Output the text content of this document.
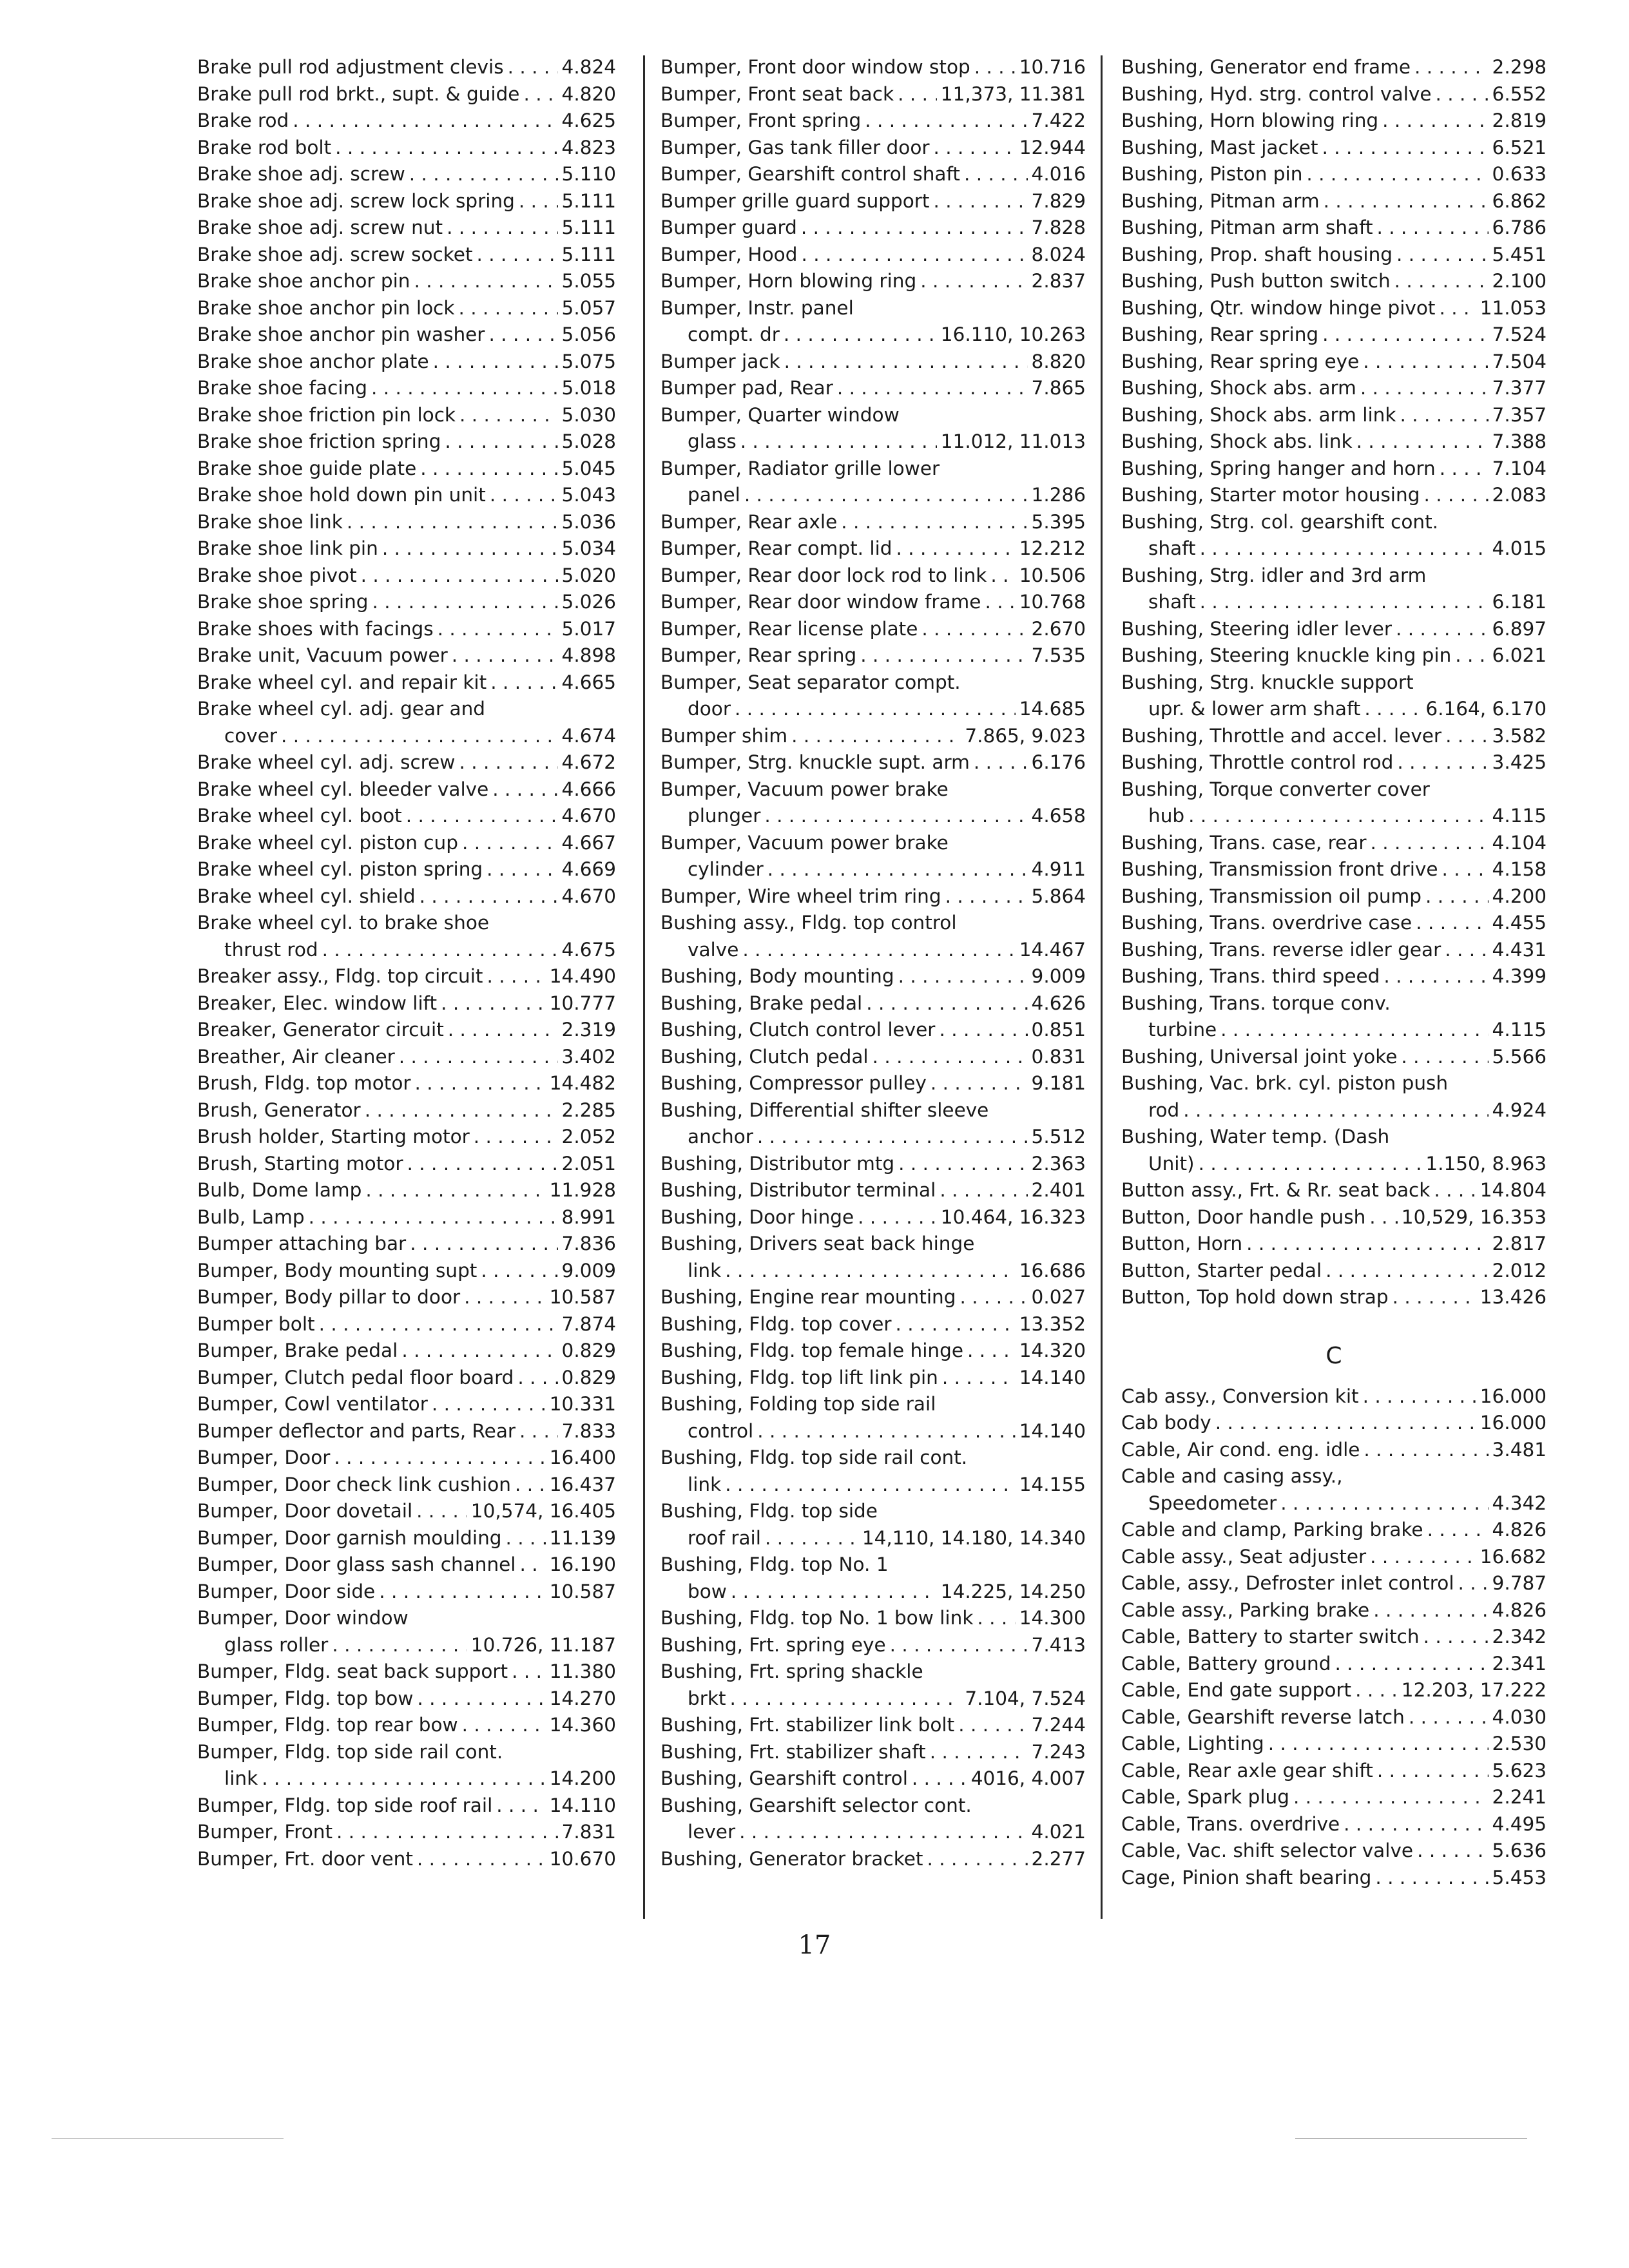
Brake pull rod adjustment clevis . . .	4.824
Brake pull rod brkt., supt. & guide . . . 4.820
Brake rod . . .	4.625
Brake rod bolt . . .	4.823
Brake shoe adj. screw . . .	5.110
Brake shoe adj. screw lock spring . . . 5.111
Brake shoe adj. screw nut . . .	5.111
Brake shoe adj. screw socket . . .	5.111
Brake shoe anchor pin . . .	5.055
Brake shoe anchor pin lock . . .	5.057
Brake shoe anchor pin washer . . .	5.056
Brake shoe anchor plate . . .	5.075
Brake shoe facing . . .	5.018
Brake shoe friction pin lock . . .	5.030
Brake shoe friction spring . . .	5.028
Brake shoe guide plate . . .	5.045
Brake shoe hold down pin unit . . .	5.043
Brake shoe link . . .	5.036
Brake shoe link pin . . .	5.034
Brake shoe pivot . . .	5.020
Brake shoe spring . . .	5.026
Brake shoes with facings . . .	5.017
Brake unit, Vacuum power . . .	4.898
Brake wheel cyl. and repair kit . . .	4.665
Brake wheel cyl. adj. gear and
cover . . .	4.674
Brake wheel cyl. adj. screw . . .	4.672
Brake wheel cyl. bleeder valve . . .	4.666
Brake wheel cyl. boot . . .	4.670
Brake wheel cyl. piston cup . . .	4.667
Brake wheel cyl. piston spring . . .	4.669
Brake wheel cyl. shield . . .	4.670
Brake wheel cyl. to brake shoe
thrust rod . . .	4.675
Breaker assy., Fldg. top circuit . . .	14.490
Breaker, Elec. window lift . . .	10.777
Breaker, Generator circuit . . .	2.319
Breather, Air cleaner . . .	3.402
Brush, Fldg. top motor . . .	14.482
Brush, Generator . . .	2.285
Brush holder, Starting motor . . .	2.052
Brush, Starting motor . . .	2.051
Bulb, Dome lamp . . .	11.928
Bulb, Lamp . . .	8.991
Bumper attaching bar . . .	7.836
Bumper, Body mounting supt . . .	9.009
Bumper, Body pillar to door . . .	10.587
Bumper bolt . . .	7.874
Bumper, Brake pedal . . .	0.829
Bumper, Clutch pedal floor board . . .	0.829
Bumper, Cowl ventilator . . .	10.331
Bumper deflector and parts, Rear . . . 7.833
Bumper, Door . . .	16.400
Bumper, Door check link cushion . . . 16.437
Bumper, Door dovetail . . .	10,574, 16.405
Bumper, Door garnish moulding . . .	11.139
Bumper, Door glass sash channel . . . 16.190
Bumper, Door side . . .	10.587
Bumper, Door window
glass roller . . .	10.726, 11.187
Bumper, Fldg. seat back support . . . 11.380
Bumper, Fldg. top bow . . .	14.270
Bumper, Fldg. top rear bow . . .	14.360
Bumper, Fldg. top side rail cont.
link . . .	14.200
Bumper, Fldg. top side roof rail . . .	14.110
Bumper, Front . . .	7.831
Bumper, Frt. door vent . . .	10.670
Bumper, Front door window stop . . .	10.716
Bumper, Front seat back . . . 11,373, 11.381
Bumper, Front spring . . .	7.422
Bumper, Gas tank filler door . . .	12.944
Bumper, Gearshift control shaft . . .	4.016
Bumper grille guard support . . .	7.829
Bumper guard . . .	7.828
Bumper, Hood . . .	8.024
Bumper, Horn blowing ring . . .	2.837
Bumper, Instr. panel
compt. dr . . .	16.110, 10.263
Bumper jack . . .	8.820
Bumper pad, Rear . . .	7.865
Bumper, Quarter window
glass . . .	11.012, 11.013
Bumper, Radiator grille lower
panel . . .	1.286
Bumper, Rear axle . . .	5.395
Bumper, Rear compt. lid . . .	12.212
Bumper, Rear door lock rod to link . . . 10.506
Bumper, Rear door window frame . . . 10.768
Bumper, Rear license plate . . .	2.670
Bumper, Rear spring . . .	7.535
Bumper, Seat separator compt.
door . . .	14.685
Bumper shim . . .	7.865, 9.023
Bumper, Strg. knuckle supt. arm . . .	6.176
Bumper, Vacuum power brake
plunger . . .	4.658
Bumper, Vacuum power brake
cylinder . . .	4.911
Bumper, Wire wheel trim ring . . .	5.864
Bushing assy., Fldg. top control
valve . . .	14.467
Bushing, Body mounting . . .	9.009
Bushing, Brake pedal . . .	4.626
Bushing, Clutch control lever . . .	0.851
Bushing, Clutch pedal . . .	0.831
Bushing, Compressor pulley . . .	9.181
Bushing, Differential shifter sleeve
anchor . . .	5.512
Bushing, Distributor mtg . . .	2.363
Bushing, Distributor terminal . . .	2.401
Bushing, Door hinge . . .	10.464, 16.323
Bushing, Drivers seat back hinge
link . . .	16.686
Bushing, Engine rear mounting . . .	0.027
Bushing, Fldg. top cover . . .	13.352
Bushing, Fldg. top female hinge . . .	14.320
Bushing, Fldg. top lift link pin . . .	14.140
Bushing, Folding top side rail
control . . .	14.140
Bushing, Fldg. top side rail cont.
link . . .	14.155
Bushing, Fldg. top side
roof rail . . .	14,110, 14.180, 14.340
Bushing, Fldg. top No. 1
bow . . .	14.225, 14.250
Bushing, Fldg. top No. 1 bow link . . . 14.300
Bushing, Frt. spring eye . . .	7.413
Bushing, Frt. spring shackle
brkt . . .	7.104, 7.524
Bushing, Frt. stabilizer link bolt . . .	7.244
Bushing, Frt. stabilizer shaft . . .	7.243
Bushing, Gearshift control . . .	4016, 4.007
Bushing, Gearshift selector cont.
lever . . .	4.021
Bushing, Generator bracket . . .	2.277
Bushing, Generator end frame . . .	2.298
Bushing, Hyd. strg. control valve . . .	6.552
Bushing, Horn blowing ring . . .	2.819
Bushing, Mast jacket . . .	6.521
Bushing, Piston pin . . .	0.633
Bushing, Pitman arm . . .	6.862
Bushing, Pitman arm shaft . . .	6.786
Bushing, Prop. shaft housing . . .	5.451
Bushing, Push button switch . . .	2.100
Bushing, Qtr. window hinge pivot . . . 11.053
Bushing, Rear spring . . .	7.524
Bushing, Rear spring eye . . .	7.504
Bushing, Shock abs. arm . . .	7.377
Bushing, Shock abs. arm link . . .	7.357
Bushing, Shock abs. link . . .	7.388
Bushing, Spring hanger and horn . . .	7.104
Bushing, Starter motor housing . . .	2.083
Bushing, Strg. col. gearshift cont.
shaft . . .	4.015
Bushing, Strg. idler and 3rd arm
shaft . . .	6.181
Bushing, Steering idler lever . . .	6.897
Bushing, Steering knuckle king pin . . . 6.021
Bushing, Strg. knuckle support
upr. & lower arm shaft . . .	6.164, 6.170
Bushing, Throttle and accel. lever . . .	3.582
Bushing, Throttle control rod . . .	3.425
Bushing, Torque converter cover
hub . . .	4.115
Bushing, Trans. case, rear . . .	4.104
Bushing, Transmission front drive . . .	4.158
Bushing, Transmission oil pump . . .	4.200
Bushing, Trans. overdrive case . . .	4.455
Bushing, Trans. reverse idler gear . . .	4.431
Bushing, Trans. third speed . . .	4.399
Bushing, Trans. torque conv.
turbine . . .	4.115
Bushing, Universal joint yoke . . .	5.566
Bushing, Vac. brk. cyl. piston push
rod . . .	4.924
Bushing, Water temp. (Dash
Unit) . . .	1.150, 8.963
Button assy., Frt. & Rr. seat back . . .	14.804
Button, Door handle push . . . 10,529, 16.353
Button, Horn . . .	2.817
Button, Starter pedal . . .	2.012
Button, Top hold down strap . . .	13.426
C
Cab assy., Conversion kit . . .	16.000
Cab body . . .	16.000
Cable, Air cond. eng. idle . . .	3.481
Cable and casing assy.,
Speedometer . . .	4.342
Cable and clamp, Parking brake . . .	4.826
Cable assy., Seat adjuster . . .	16.682
Cable, assy., Defroster inlet control . . . 9.787
Cable assy., Parking brake . . .	4.826
Cable, Battery to starter switch . . .	2.342
Cable, Battery ground . . .	2.341
Cable, End gate support . . .	12.203, 17.222
Cable, Gearshift reverse latch . . .	4.030
Cable, Lighting . . .	2.530
Cable, Rear axle gear shift . . .	5.623
Cable, Spark plug . . .	2.241
Cable, Trans. overdrive . . .	4.495
Cable, Vac. shift selector valve . . .	5.636
Cage, Pinion shaft bearing . . .	5.453
17
